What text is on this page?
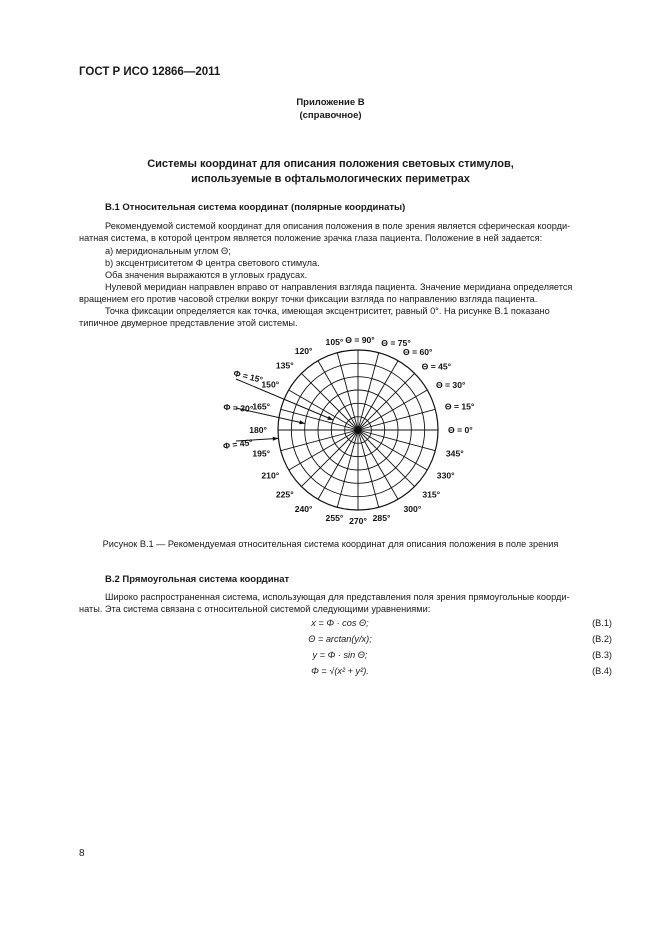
ГОСТ Р ИСО 12866—2011
Приложение В
(справочное)
Системы координат для описания положения световых стимулов,
используемые в офтальмологических периметрах
В.1 Относительная система координат (полярные координаты)
Рекомендуемой системой координат для описания положения в поле зрения является сферическая коорди-
натная система, в которой центром является положение зрачка глаза пациента. Положение в ней задается:
а) меридиональным углом Θ;
b) эксцентриситетом Φ центра светового стимула.
Оба значения выражаются в угловых градусах.
Нулевой меридиан направлен вправо от направления взгляда пациента. Значение меридиана определяется
вращением его против часовой стрелки вокруг точки фиксации взгляда по направлению взгляда пациента.
Точка фиксации определяется как точка, имеющая эксцентриситет, равный 0°. На рисунке В.1 показано
типичное двумерное представление этой системы.
105°
120°
135°
150°
165°
180°
195°
210°
225°
240°
255° 270° 285°
300°
315°
330°
345°
Θ = 90° Θ = 75°
Θ = 60°
Θ = 45°
Θ = 30°
Θ = 15°
Θ = 0°
Φ = 15°
Φ = 30°
Φ = 45°
Рисунок В.1 — Рекомендуемая относительная система координат для описания положения в поле зрения
В.2 Прямоугольная система координат
Широко распространенная система, использующая для представления поля зрения прямоугольные коорди-
наты. Эта система связана с относительной системой следующими уравнениями:
x = Φ · cos Θ;	(В.1)
Θ = arctan(y/x);	(В.2)
y = Φ · sin Θ;	(В.3)
Φ = √(x² + y²).	(В.4)
8
